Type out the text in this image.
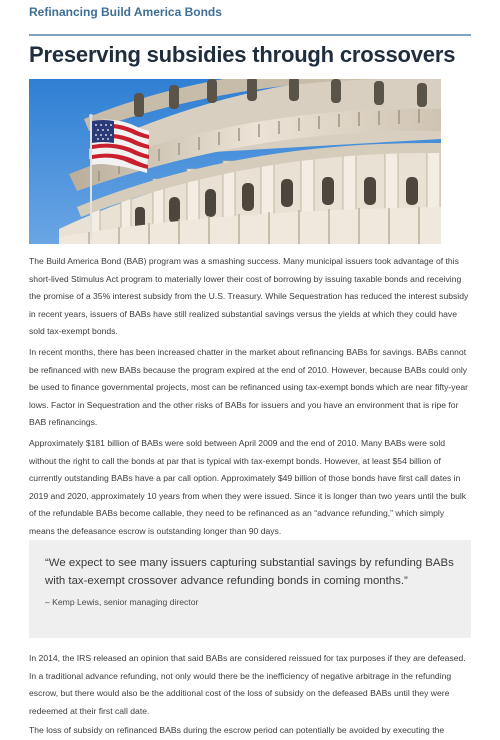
Refinancing Build America Bonds
Preserving subsidies through crossovers

The Build America Bond (BAB) program was a smashing success. Many municipal issuers took advantage of this short-lived Stimulus Act program to materially lower their cost of borrowing by issuing taxable bonds and receiving the promise of a 35% interest subsidy from the U.S. Treasury. While Sequestration has reduced the interest subsidy in recent years, issuers of BABs have still realized substantial savings versus the yields at which they could have sold tax-exempt bonds.

In recent months, there has been increased chatter in the market about refinancing BABs for savings. BABs cannot be refinanced with new BABs because the program expired at the end of 2010. However, because BABs could only be used to finance governmental projects, most can be refinanced using tax-exempt bonds which are near fifty-year lows. Factor in Sequestration and the other risks of BABs for issuers and you have an environment that is ripe for BAB refinancings.

Approximately $181 billion of BABs were sold between April 2009 and the end of 2010. Many BABs were sold without the right to call the bonds at par that is typical with tax-exempt bonds. However, at least $54 billion of currently outstanding BABs have a par call option. Approximately $49 billion of those bonds have first call dates in 2019 and 2020, approximately 10 years from when they were issued. Since it is longer than two years until the bulk of the refundable BABs become callable, they need to be refinanced as an “advance refunding,” which simply means the defeasance escrow is outstanding longer than 90 days.

“We expect to see many issuers capturing substantial savings by refunding BABs with tax-exempt crossover advance refunding bonds in coming months.”

– Kemp Lewis, senior managing director

In 2014, the IRS released an opinion that said BABs are considered reissued for tax purposes if they are defeased. In a traditional advance refunding, not only would there be the inefficiency of negative arbitrage in the refunding escrow, but there would also be the additional cost of the loss of subsidy on the defeased BABs until they were redeemed at their first call date.

The loss of subsidy on refinanced BABs during the escrow period can potentially be avoided by executing the
